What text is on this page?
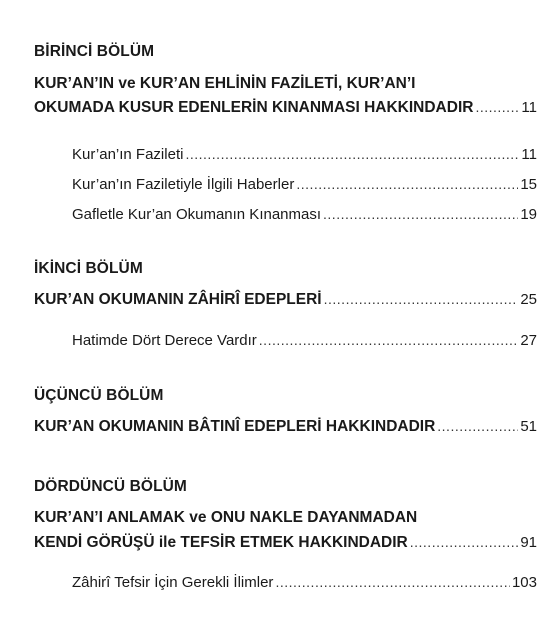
BİRİNCİ BÖLÜM
KUR’AN’IN ve KUR’AN EHLİNİN FAZİLETİ, KUR’AN’I
OKUMADA KUSUR EDENLERİN KINANMASI HAKKINDADIR .....	11
Kur’an’ın Fazileti .....	11
Kur’an’ın Faziletiyle İlgili Haberler .....	15
Gafletle Kur’an Okumanın Kınanması .....	19
İKİNCİ BÖLÜM
KUR’AN OKUMANIN ZÂHİRÎ EDEPLERİ .....	25
Hatimde Dört Derece Vardır .....	27
ÜÇÜNCÜ BÖLÜM
KUR’AN OKUMANIN BÂTINÎ EDEPLERİ HAKKINDADIR .....	51
DÖRDÜNCÜ BÖLÜM
KUR’AN’I ANLAMAK ve ONU NAKLE DAYANMADAN
KENDİ GÖRÜŞÜ ile TEFSİR ETMEK HAKKINDADIR .....	91
Zâhirî Tefsir İçin Gerekli İlimler .....	103
